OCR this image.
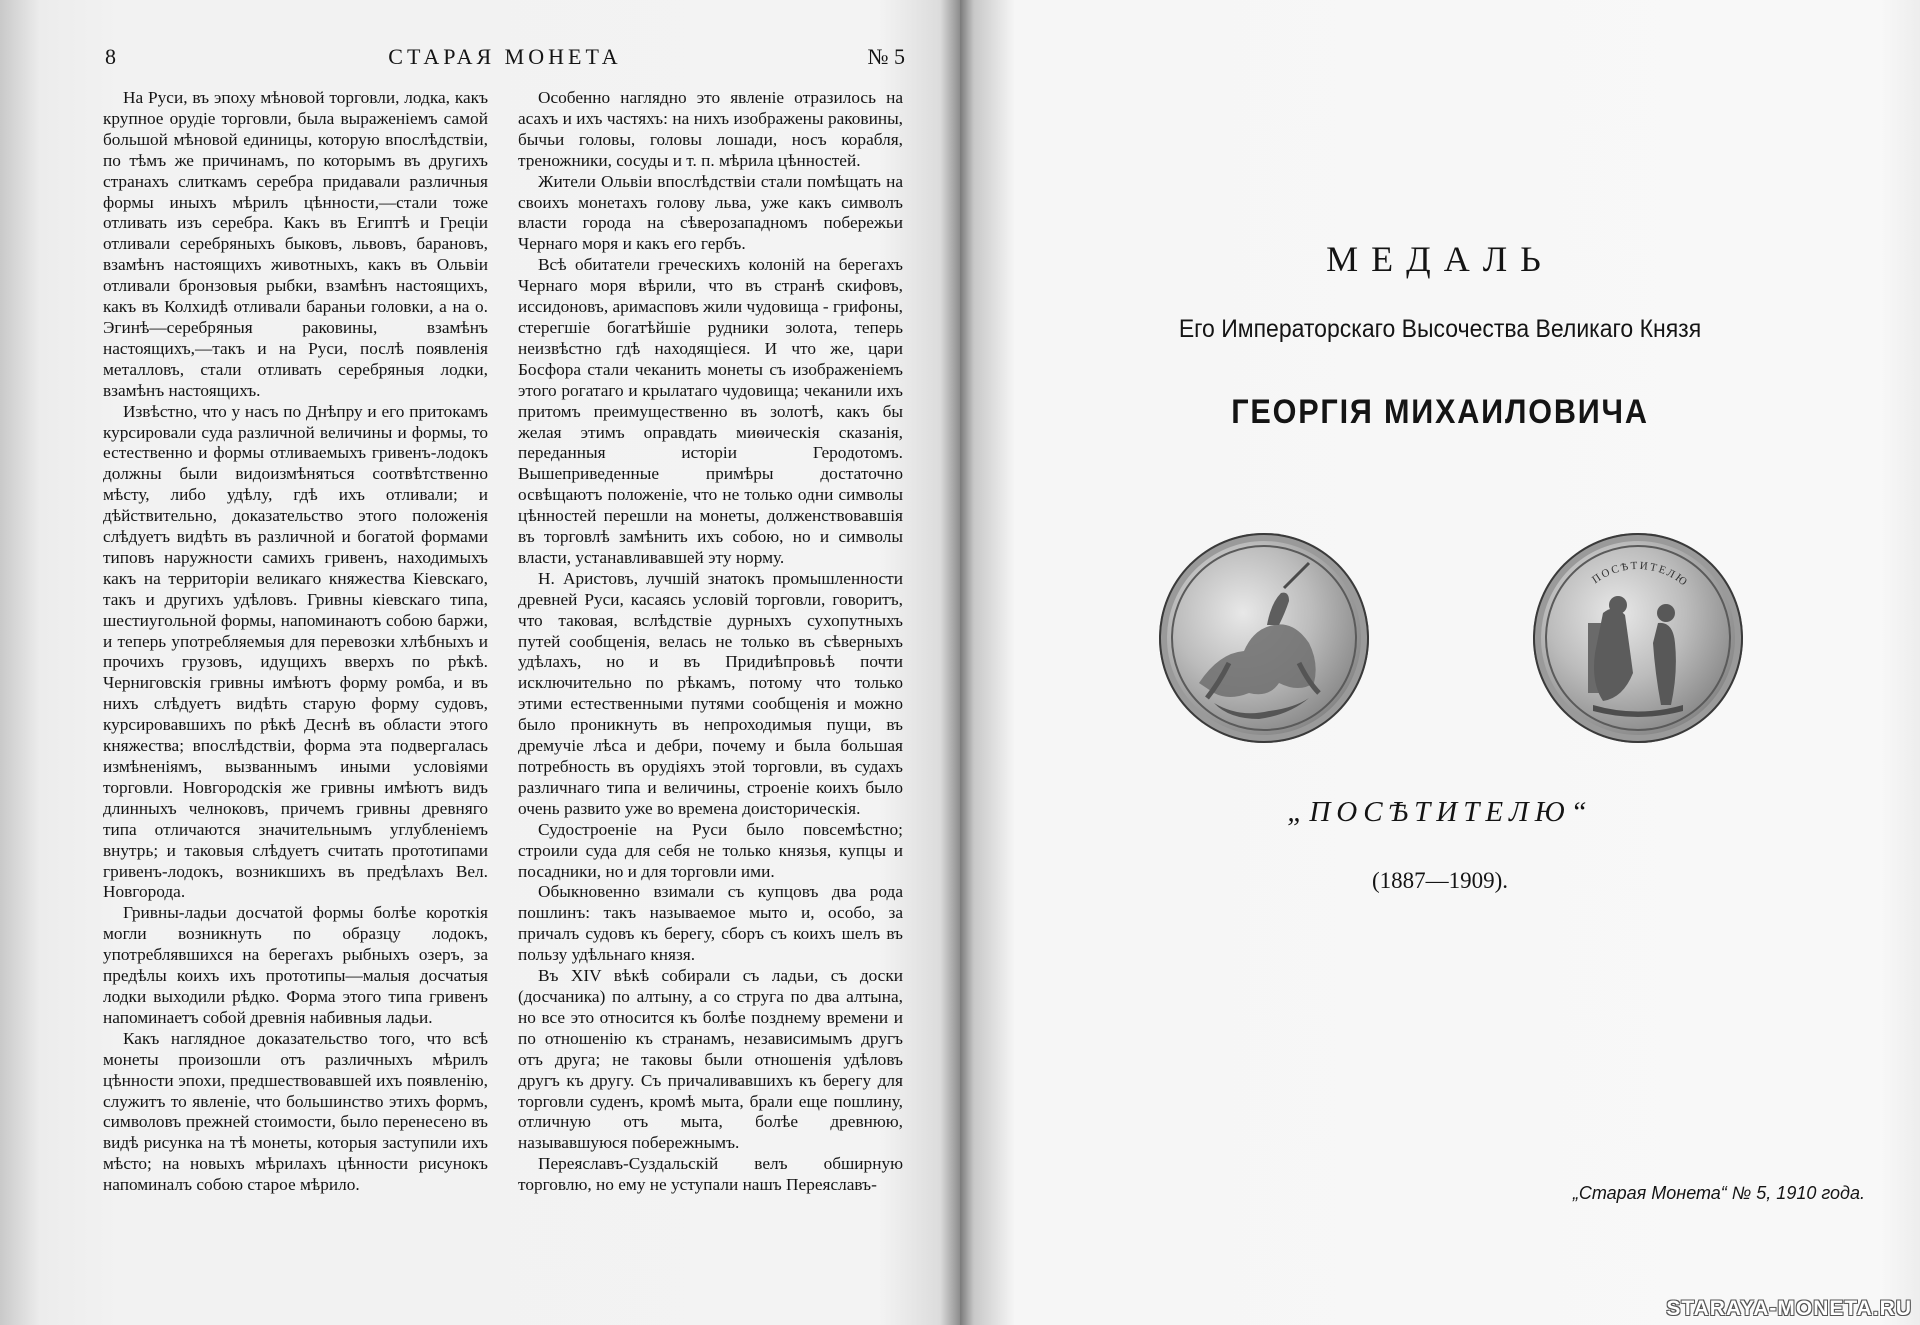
8	СТАРАЯ МОНЕТА	№ 5

На Руси, въ эпоху мѣновой торговли, лодка, какъ крупное орудіе торговли, была выраженіемъ самой большой мѣновой единицы, которую впослѣдствіи, по тѣмъ же причинамъ, по которымъ въ другихъ странахъ слиткамъ серебра придавали различныя формы иныхъ мѣрилъ цѣнности,—стали тоже отливать изъ серебра. Какъ въ Египтѣ и Греціи отливали серебряныхъ быковъ, львовъ, барановъ, взамѣнъ настоящихъ животныхъ, какъ въ Ольвіи отливали бронзовыя рыбки, взамѣнъ настоящихъ, какъ въ Колхидѣ отливали бараньи головки, а на о. Эгинѣ—серебряныя раковины, взамѣнъ настоящихъ,—такъ и на Руси, послѣ появленія металловъ, стали отливать серебряныя лодки, взамѣнъ настоящихъ.

Извѣстно, что у насъ по Днѣпру и его притокамъ курсировали суда различной величины и формы, то естественно и формы отливаемыхъ гривенъ-лодокъ должны были видоизмѣняться соотвѣтственно мѣсту, либо удѣлу, гдѣ ихъ отливали; и дѣйствительно, доказательство этого положенія слѣдуетъ видѣть въ различной и богатой формами типовъ наружности самихъ гривенъ, находимыхъ какъ на территоріи великаго княжества Кіевскаго, такъ и другихъ удѣловъ. Гривны кіевскаго типа, шестиугольной формы, напоминаютъ собою баржи, и теперь употребляемыя для перевозки хлѣбныхъ и прочихъ грузовъ, идущихъ вверхъ по рѣкѣ. Черниговскія гривны имѣютъ форму ромба, и въ нихъ слѣдуетъ видѣть старую форму судовъ, курсировавшихъ по рѣкѣ Деснѣ въ области этого княжества; впослѣдствіи, форма эта подвергалась измѣненіямъ, вызваннымъ иными условіями торговли. Новгородскія же гривны имѣютъ видъ длинныхъ челноковъ, причемъ гривны древняго типа отличаются значительнымъ углубленіемъ внутрь; и таковыя слѣдуетъ считать прототипами гривенъ-лодокъ, возникшихъ въ предѣлахъ Вел. Новгорода.

Гривны-ладьи досчатой формы болѣе короткія могли возникнуть по образцу лодокъ, употреблявшихся на берегахъ рыбныхъ озеръ, за предѣлы коихъ ихъ прототипы—малыя досчатыя лодки выходили рѣдко. Форма этого типа гривенъ напоминаетъ собой древнія набивныя ладьи.

Какъ наглядное доказательство того, что всѣ монеты произошли отъ различныхъ мѣрилъ цѣнности эпохи, предшествовавшей ихъ появленію, служитъ то явленіе, что большинство этихъ формъ, символовъ прежней стоимости, было перенесено въ видѣ рисунка на тѣ монеты, которыя заступили ихъ мѣсто; на новыхъ мѣрилахъ цѣнности рисунокъ напоминалъ собою старое мѣрило.

Особенно наглядно это явленіе отразилось на асахъ и ихъ частяхъ: на нихъ изображены раковины, бычьи головы, головы лошади, носъ корабля, треножники, сосуды и т. п. мѣрила цѣнностей.

Жители Ольвіи впослѣдствіи стали помѣщать на своихъ монетахъ голову льва, уже какъ символъ власти города на сѣверозападномъ побережьи Чернаго моря и какъ его гербъ.

Всѣ обитатели греческихъ колоній на берегахъ Чернаго моря вѣрили, что въ странѣ скифовъ, иссидоновъ, аримасповъ жили чудовища - грифоны, стерегшіе богатѣйшіе рудники золота, теперь неизвѣстно гдѣ находящіеся. И что же, цари Босфора стали чеканить монеты съ изображеніемъ этого рогатаго и крылатаго чудовища; чеканили ихъ притомъ преимущественно въ золотѣ, какъ бы желая этимъ оправдать миѳическія сказанія, переданныя исторіи Геродотомъ. Вышеприведенные примѣры достаточно освѣщаютъ положеніе, что не только одни символы цѣнностей перешли на монеты, долженствовавшія въ торговлѣ замѣнить ихъ собою, но и символы власти, устанавливавшей эту норму.

Н. Аристовъ, лучшій знатокъ промышленности древней Руси, касаясь условій торговли, говоритъ, что таковая, вслѣдствіе дурныхъ сухопутныхъ путей сообщенія, велась не только въ сѣверныхъ удѣлахъ, но и въ Придиѣпровьѣ почти исключительно по рѣкамъ, потому что только этими естественными путями сообщенія и можно было проникнуть въ непроходимыя пущи, въ дремучіе лѣса и дебри, почему и была большая потребность въ орудіяхъ этой торговли, въ судахъ различнаго типа и величины, строеніе коихъ было очень развито уже во времена доисторическія.

Судостроеніе на Руси было повсемѣстно; строили суда для себя не только князья, купцы и посадники, но и для торговли ими.

Обыкновенно взимали съ купцовъ два рода пошлинъ: такъ называемое мыто и, особо, за причалъ судовъ къ берегу, сборъ съ коихъ шелъ въ пользу удѣльнаго князя.

Въ XIV вѣкѣ собирали съ ладьи, съ доски (досчаника) по алтыну, а со струга по два алтына, но все это относится къ болѣе позднему времени и по отношенію къ странамъ, независимымъ другъ отъ друга; не таковы были отношенія удѣловъ другъ къ другу. Съ причаливавшихъ къ берегу для торговли суденъ, кромѣ мыта, брали еще пошлину, отличную отъ мыта, болѣе древнюю, называвшуюся побережнымъ.

Переяславъ-Суздальскій велъ обширную торговлю, но ему не уступали нашъ Переяславъ-

МЕДАЛЬ
Его Императорскаго Высочества Великаго Князя
ГЕОРГІЯ МИХАИЛОВИЧА
ПОСѢТИТЕЛЮ
„ПОСѢТИТЕЛЮ“
(1887—1909).
„Старая Монета“ № 5, 1910 года.
STARAYA-MONETA.RU
